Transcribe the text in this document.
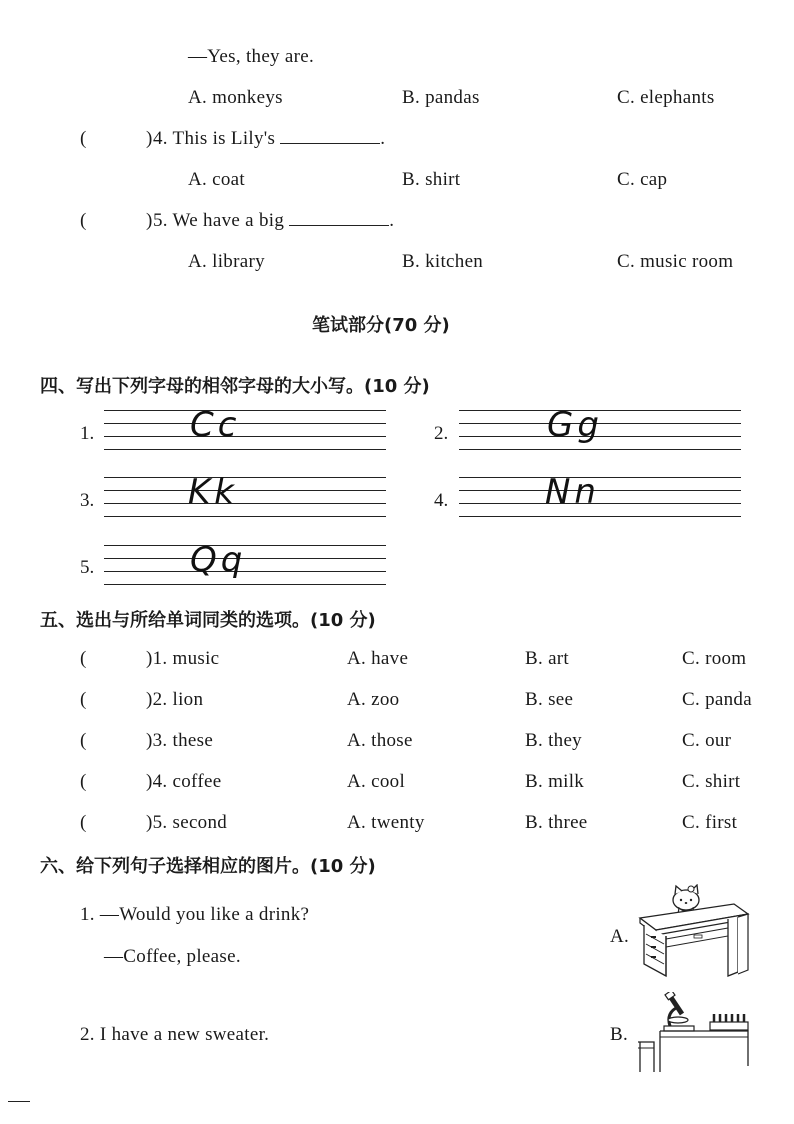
—Yes, they are.
A. monkeys	B. pandas	C. elephants
(	) 4. This is Lily's	.
A. coat	B. shirt	C. cap
(	) 5. We have a big	.
A. library	B. kitchen	C. music room
笔试部分(70 分)
四、写出下列字母的相邻字母的大小写。(10 分)
1.	Cc	2.	Gg
3.	Kk	4.	Nn
5.	Qq
五、选出与所给单词同类的选项。(10 分)
(	)1. music	A. have	B. art	C. room
(	)2. lion	A. zoo	B. see	C. panda
(	)3. these	A. those	B. they	C. our
(	)4. coffee	A. cool	B. milk	C. shirt
(	)5. second	A. twenty	B. three	C. first
六、给下列句子选择相应的图片。(10 分)
1. —Would you like a drink?
—Coffee, please.
2. I have a new sweater.
A.
B.
